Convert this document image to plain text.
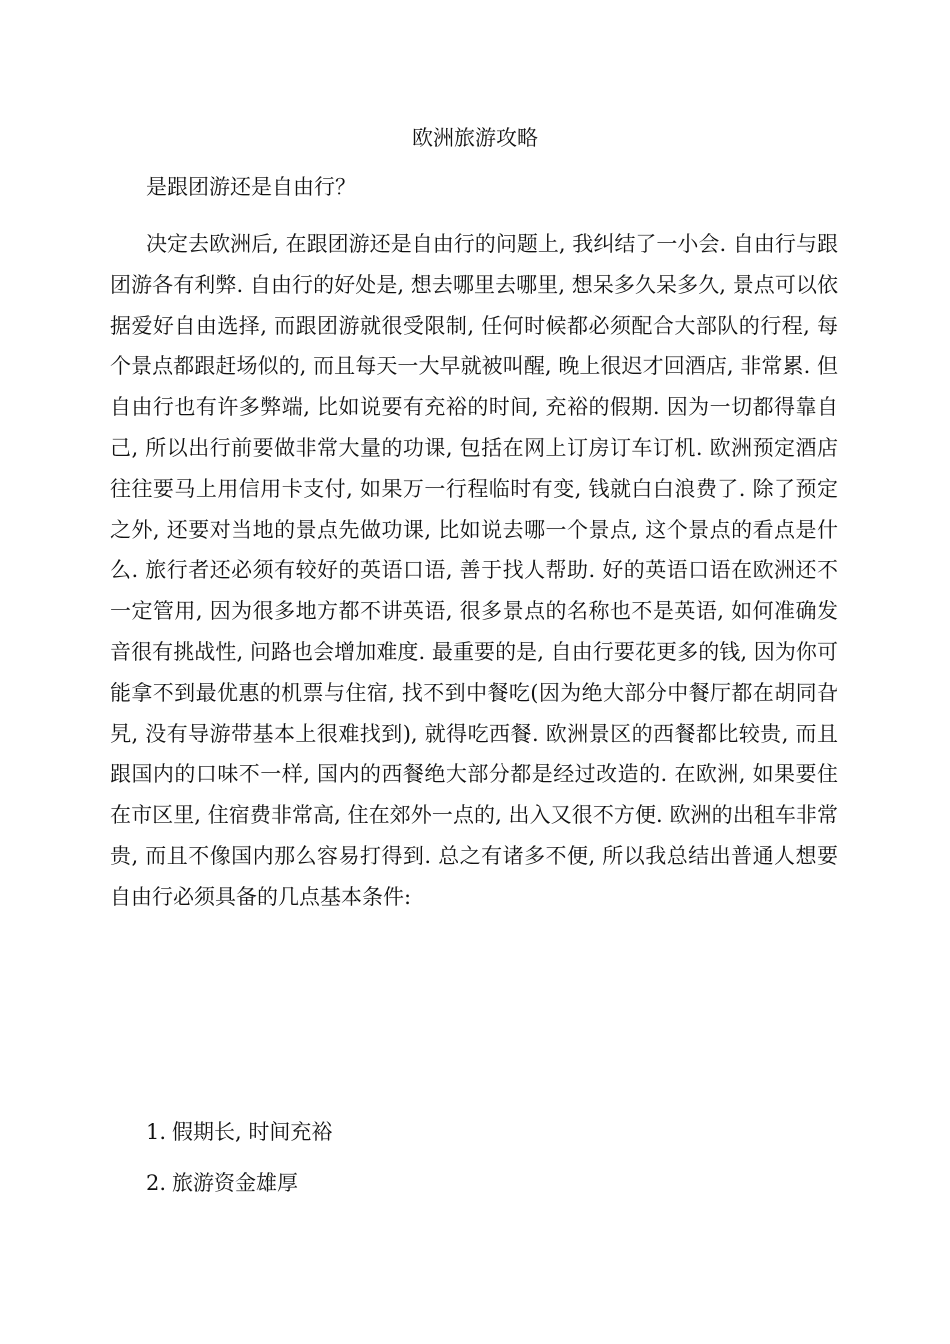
欧洲旅游攻略

是跟团游还是自由行？

决定去欧洲后, 在跟团游还是自由行的问题上, 我纠结了一小会. 自由行与跟团游各有利弊. 自由行的好处是, 想去哪里去哪里, 想呆多久呆多久, 景点可以依据爱好自由选择, 而跟团游就很受限制, 任何时候都必须配合大部队的行程, 每个景点都跟赶场似的, 而且每天一大早就被叫醒, 晚上很迟才回酒店, 非常累. 但自由行也有许多弊端, 比如说要有充裕的时间, 充裕的假期. 因为一切都得靠自己, 所以出行前要做非常大量的功课, 包括在网上订房订车订机. 欧洲预定酒店往往要马上用信用卡支付, 如果万一行程临时有变, 钱就白白浪费了. 除了预定之外, 还要对当地的景点先做功课, 比如说去哪一个景点, 这个景点的看点是什么. 旅行者还必须有较好的英语口语, 善于找人帮助. 好的英语口语在欧洲还不一定管用, 因为很多地方都不讲英语, 很多景点的名称也不是英语, 如何准确发音很有挑战性, 问路也会增加难度. 最重要的是, 自由行要花更多的钱, 因为你可能拿不到最优惠的机票与住宿, 找不到中餐吃(因为绝大部分中餐厅都在胡同旮旯, 没有导游带基本上很难找到), 就得吃西餐. 欧洲景区的西餐都比较贵, 而且跟国内的口味不一样, 国内的西餐绝大部分都是经过改造的. 在欧洲, 如果要住在市区里, 住宿费非常高, 住在郊外一点的, 出入又很不方便. 欧洲的出租车非常贵, 而且不像国内那么容易打得到. 总之有诸多不便, 所以我总结出普通人想要自由行必须具备的几点基本条件:

1. 假期长, 时间充裕
2. 旅游资金雄厚
